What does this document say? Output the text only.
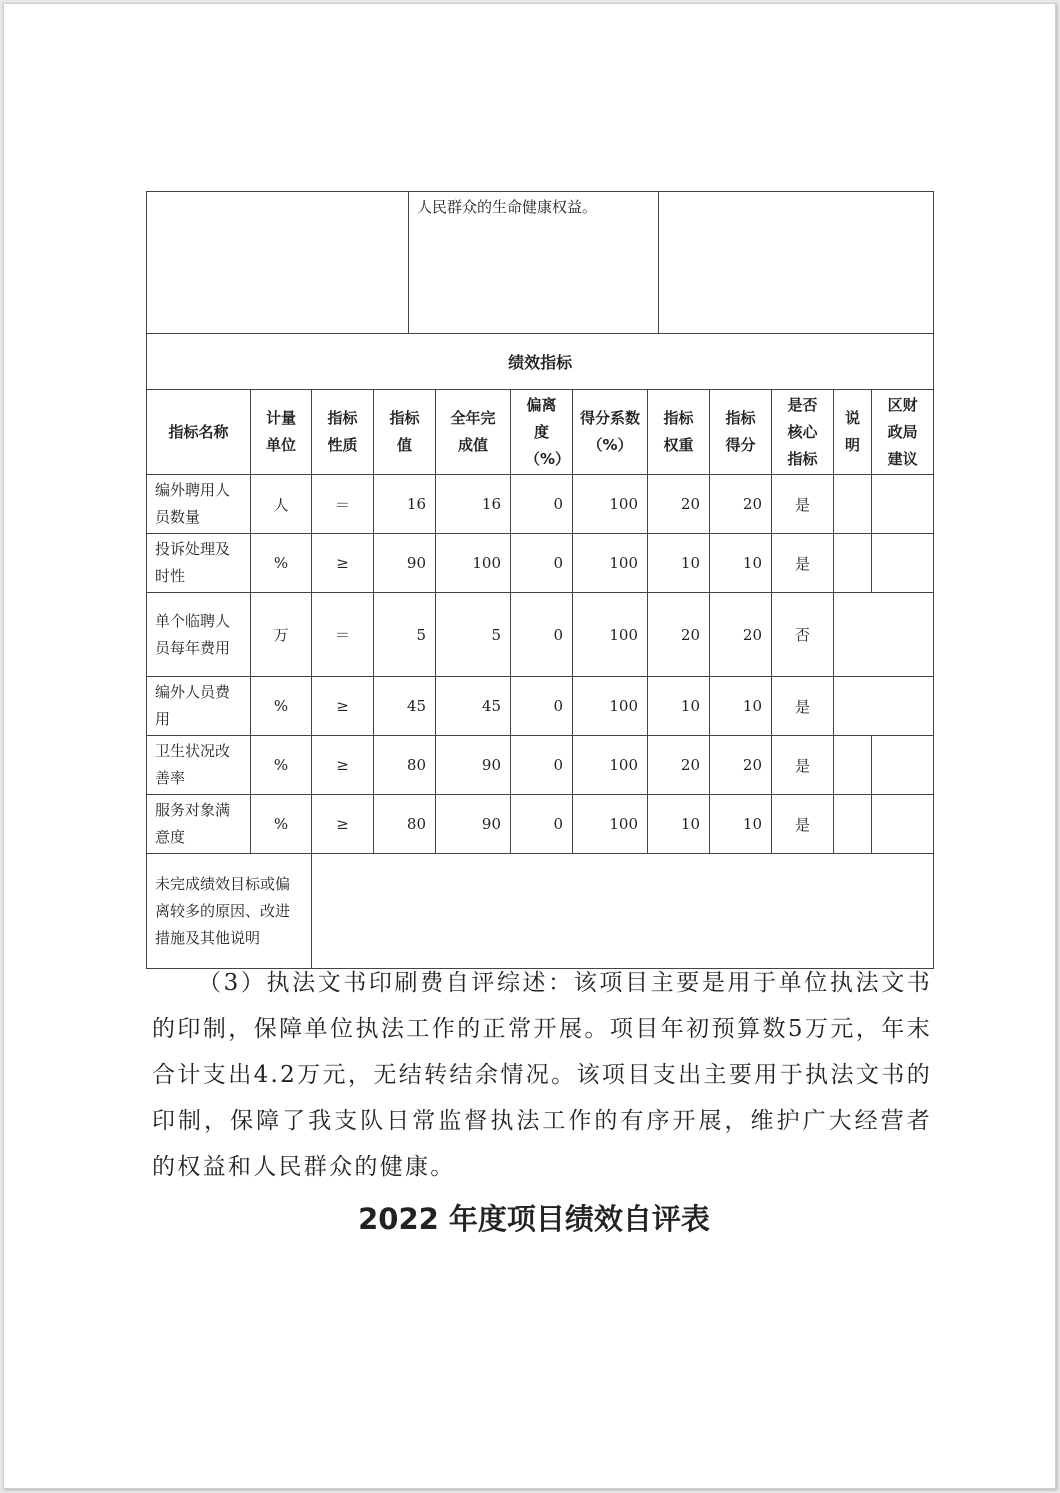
	人民群众的生命健康权益。	
绩效指标											
指标名称	计量单位	指标性质	指标值	全年完成值	偏离度（%）	得分系数（%）	指标权重	指标得分	是否核心指标	说明	区财政局建议
编外聘用人员数量	人	＝	16	16	0	100	20	20	是		
投诉处理及时性	%	≥	90	100	0	100	10	10	是		
单个临聘人员每年费用	万	＝	5	5	0	100	20	20	否		
编外人员费用	%	≥	45	45	0	100	10	10	是		
卫生状况改善率	%	≥	80	90	0	100	20	20	是		
服务对象满意度	%	≥	80	90	0	100	10	10	是		
未完成绩效目标或偏离较多的原因、改进措施及其他说明											

（3）执法文书印刷费自评综述：该项目主要是用于单位执法文书的印制，保障单位执法工作的正常开展。项目年初预算数5万元，年末合计支出4.2万元，无结转结余情况。该项目支出主要用于执法文书的印制，保障了我支队日常监督执法工作的有序开展，维护广大经营者的权益和人民群众的健康。

2022 年度项目绩效自评表
